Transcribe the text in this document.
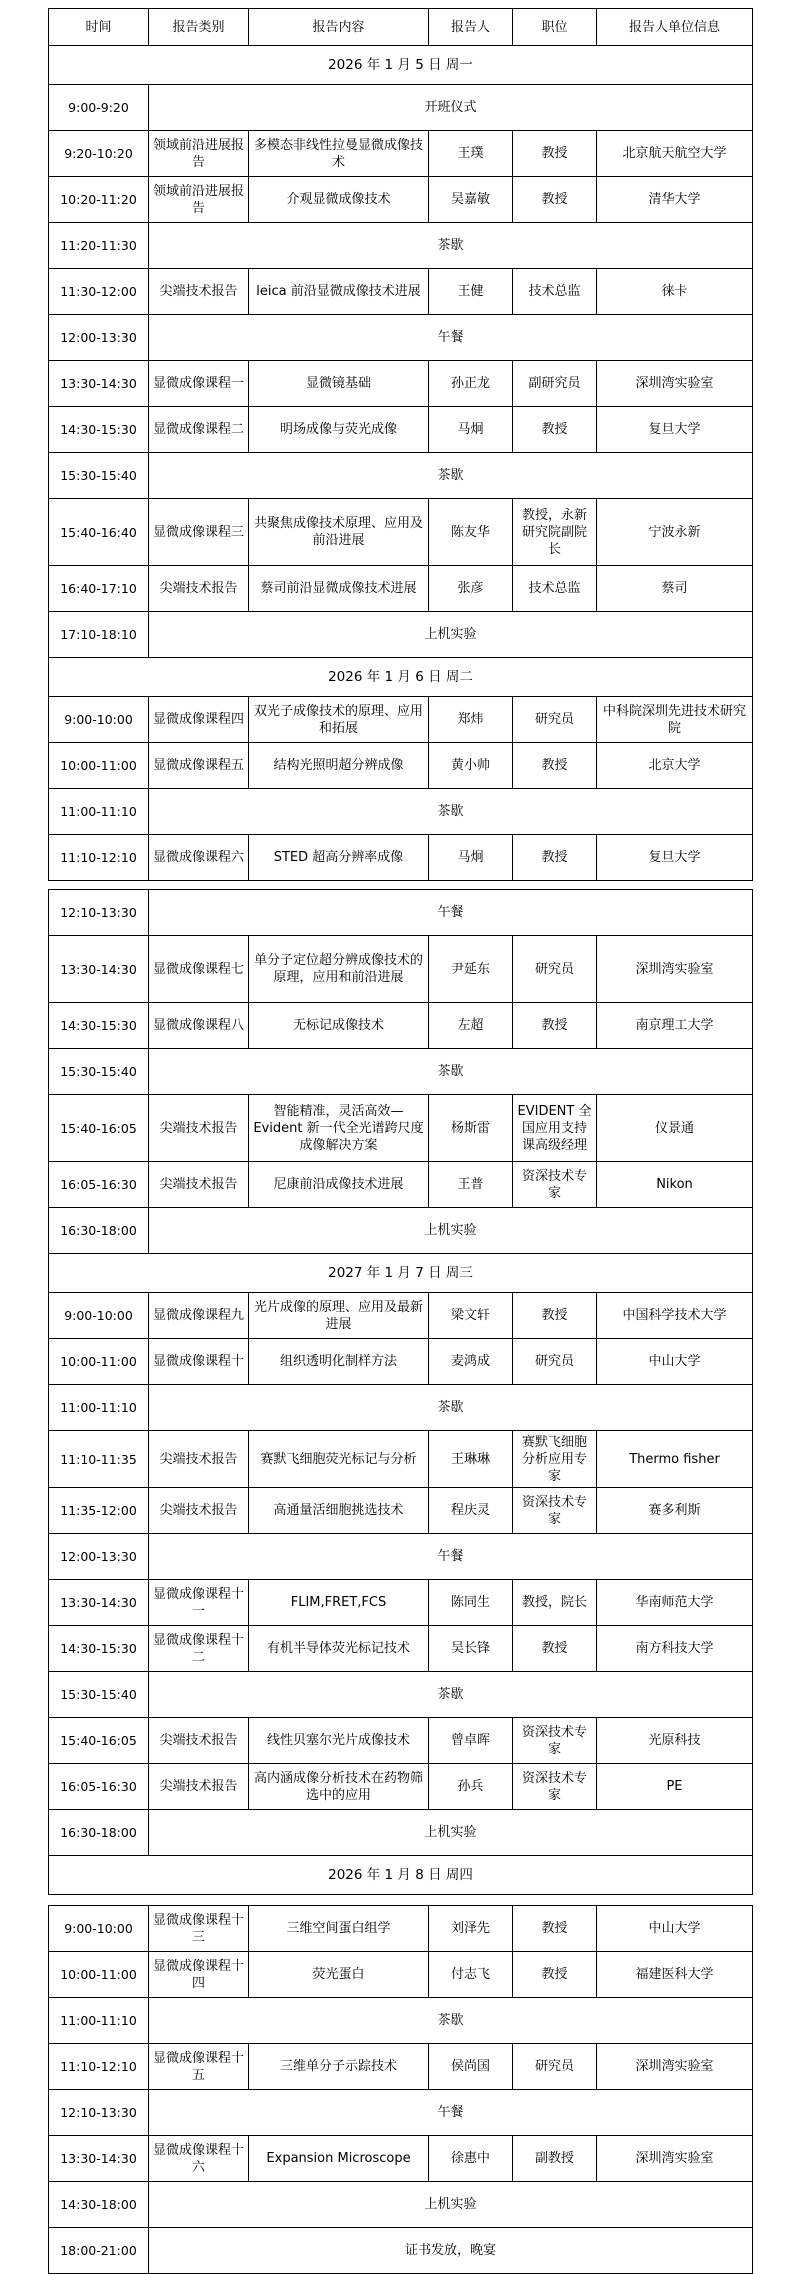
时间	报告类别	报告内容	报告人	职位	报告人单位信息
2026 年 1 月 5 日 周一					
9:00-9:20	开班仪式				
9:20-10:20	领域前沿进展报告	多模态非线性拉曼显微成像技术	王璞	教授	北京航天航空大学
10:20-11:20	领域前沿进展报告	介观显微成像技术	吴嘉敏	教授	清华大学
11:20-11:30	茶歇				
11:30-12:00	尖端技术报告	leica 前沿显微成像技术进展	王健	技术总监	徕卡
12:00-13:30	午餐				
13:30-14:30	显微成像课程一	显微镜基础	孙正龙	副研究员	深圳湾实验室
14:30-15:30	显微成像课程二	明场成像与荧光成像	马炯	教授	复旦大学
15:30-15:40	茶歇				
15:40-16:40	显微成像课程三	共聚焦成像技术原理、应用及前沿进展	陈友华	教授，永新研究院副院长	宁波永新
16:40-17:10	尖端技术报告	蔡司前沿显微成像技术进展	张彦	技术总监	蔡司
17:10-18:10	上机实验				
2026 年 1 月 6 日 周二					
9:00-10:00	显微成像课程四	双光子成像技术的原理、应用和拓展	郑炜	研究员	中科院深圳先进技术研究院
10:00-11:00	显微成像课程五	结构光照明超分辨成像	黄小帅	教授	北京大学
11:00-11:10	茶歇				
11:10-12:10	显微成像课程六	STED 超高分辨率成像	马炯	教授	复旦大学
12:10-13:30	午餐				
13:30-14:30	显微成像课程七	单分子定位超分辨成像技术的原理，应用和前沿进展	尹延东	研究员	深圳湾实验室
14:30-15:30	显微成像课程八	无标记成像技术	左超	教授	南京理工大学
15:30-15:40	茶歇				
15:40-16:05	尖端技术报告	智能精准，灵活高效—Evident 新一代全光谱跨尺度成像解决方案	杨斯雷	EVIDENT 全国应用支持课高级经理	仪景通
16:05-16:30	尖端技术报告	尼康前沿成像技术进展	王普	资深技术专家	Nikon
16:30-18:00	上机实验				
2027 年 1 月 7 日 周三					
9:00-10:00	显微成像课程九	光片成像的原理、应用及最新进展	梁文轩	教授	中国科学技术大学
10:00-11:00	显微成像课程十	组织透明化制样方法	麦鸿成	研究员	中山大学
11:00-11:10	茶歇				
11:10-11:35	尖端技术报告	赛默飞细胞荧光标记与分析	王琳琳	赛默飞细胞分析应用专家	Thermo fisher
11:35-12:00	尖端技术报告	高通量活细胞挑选技术	程庆灵	资深技术专家	赛多利斯
12:00-13:30	午餐				
13:30-14:30	显微成像课程十一	FLIM,FRET,FCS	陈同生	教授，院长	华南师范大学
14:30-15:30	显微成像课程十二	有机半导体荧光标记技术	吴长锋	教授	南方科技大学
15:30-15:40	茶歇				
15:40-16:05	尖端技术报告	线性贝塞尔光片成像技术	曾卓晖	资深技术专家	光原科技
16:05-16:30	尖端技术报告	高内涵成像分析技术在药物筛选中的应用	孙兵	资深技术专家	PE
16:30-18:00	上机实验				
2026 年 1 月 8 日 周四					
9:00-10:00	显微成像课程十三	三维空间蛋白组学	刘泽先	教授	中山大学
10:00-11:00	显微成像课程十四	荧光蛋白	付志飞	教授	福建医科大学
11:00-11:10	茶歇				
11:10-12:10	显微成像课程十五	三维单分子示踪技术	侯尚国	研究员	深圳湾实验室
12:10-13:30	午餐				
13:30-14:30	显微成像课程十六	Expansion Microscope	徐惠中	副教授	深圳湾实验室
14:30-18:00	上机实验				
18:00-21:00	证书发放，晚宴				
